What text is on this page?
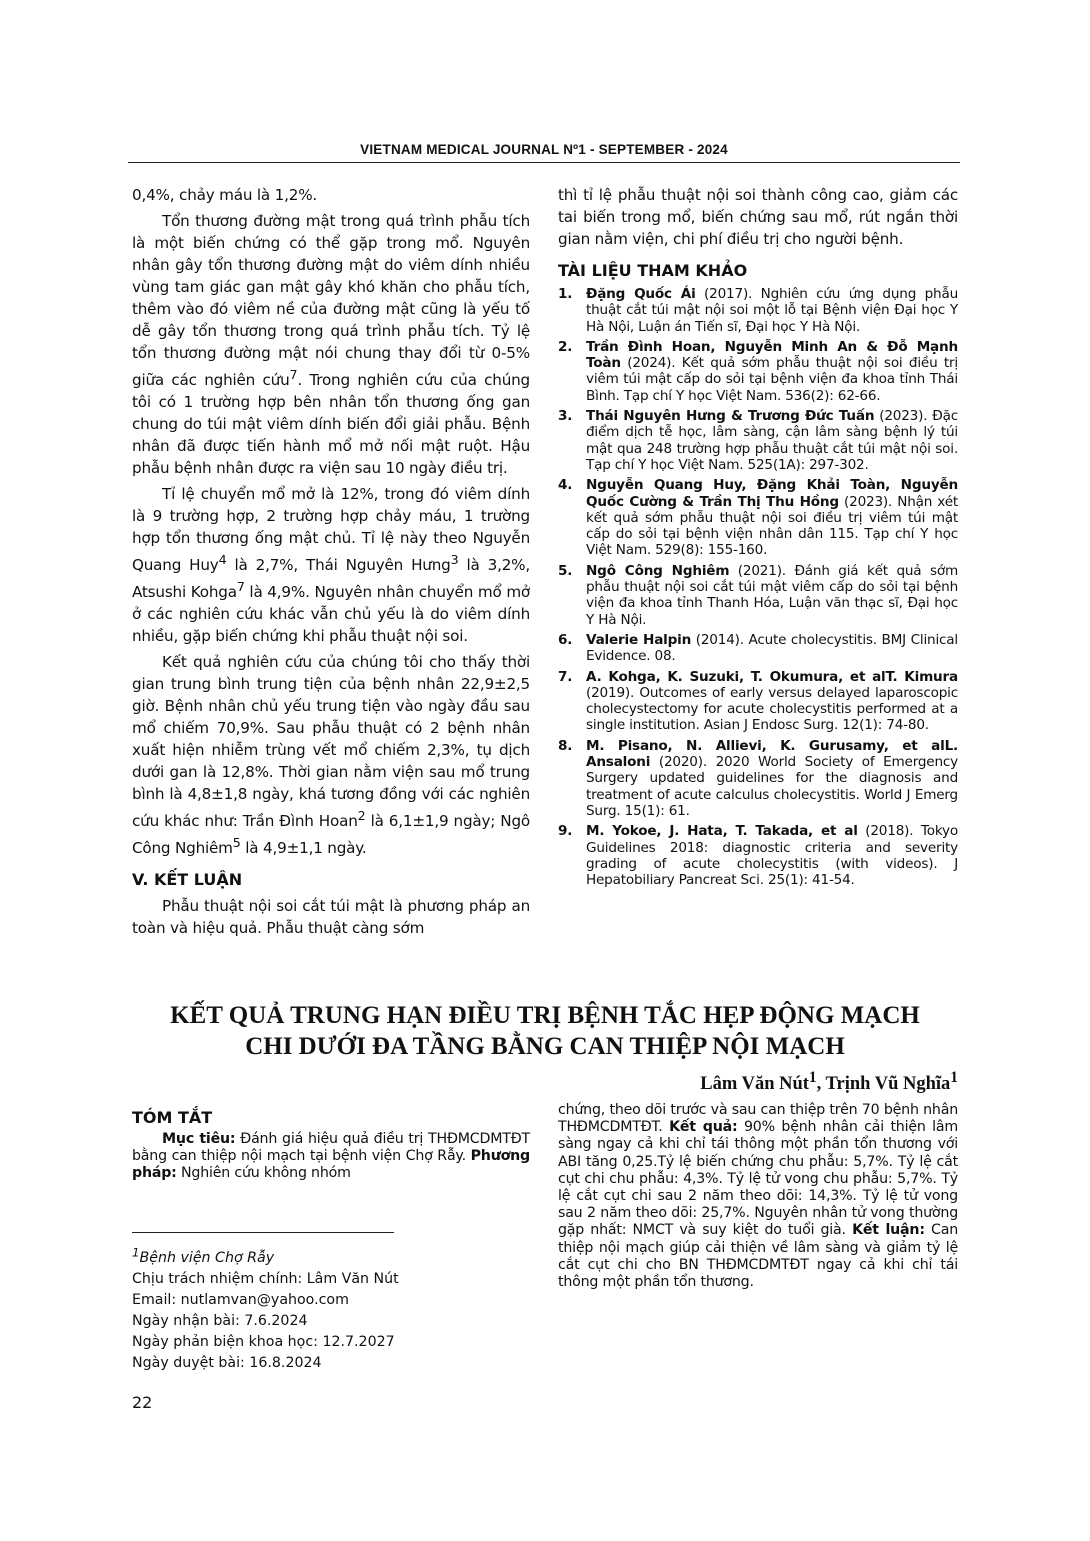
VIETNAM MEDICAL JOURNAL Nº1 - SEPTEMBER - 2024

0,4%, chảy máu là 1,2%.

Tổn thương đường mật trong quá trình phẫu tích là một biến chứng có thể gặp trong mổ. Nguyên nhân gây tổn thương đường mật do viêm dính nhiều vùng tam giác gan mật gây khó khăn cho phẫu tích, thêm vào đó viêm nề của đường mật cũng là yếu tố dễ gây tổn thương trong quá trình phẫu tích. Tỷ lệ tổn thương đường mật nói chung thay đổi từ 0-5% giữa các nghiên cứu$^7$. Trong nghiên cứu của chúng tôi có 1 trường hợp bên nhân tổn thương ống gan chung do túi mật viêm dính biến đổi giải phẫu. Bệnh nhân đã được tiến hành mổ mở nối mật ruột. Hậu phẫu bệnh nhân được ra viện sau 10 ngày điều trị.

Tỉ lệ chuyển mổ mở là 12%, trong đó viêm dính là 9 trường hợp, 2 trường hợp chảy máu, 1 trường hợp tổn thương ống mật chủ. Tỉ lệ này theo Nguyễn Quang Huy$^4$ là 2,7%, Thái Nguyên Hưng$^3$ là 3,2%, Atsushi Kohga$^7$ là 4,9%. Nguyên nhân chuyển mổ mở ở các nghiên cứu khác vẫn chủ yếu là do viêm dính nhiều, gặp biến chứng khi phẫu thuật nội soi.

Kết quả nghiên cứu của chúng tôi cho thấy thời gian trung bình trung tiện của bệnh nhân 22,9±2,5 giờ. Bệnh nhân chủ yếu trung tiện vào ngày đầu sau mổ chiếm 70,9%. Sau phẫu thuật có 2 bệnh nhân xuất hiện nhiễm trùng vết mổ chiếm 2,3%, tụ dịch dưới gan là 12,8%. Thời gian nằm viện sau mổ trung bình là 4,8±1,8 ngày, khá tương đồng với các nghiên cứu khác như: Trần Đình Hoan$^2$ là 6,1±1,9 ngày; Ngô Công Nghiêm$^5$ là 4,9±1,1 ngày.

V. KẾT LUẬN

Phẫu thuật nội soi cắt túi mật là phương pháp an toàn và hiệu quả. Phẫu thuật càng sớm

thì tỉ lệ phẫu thuật nội soi thành công cao, giảm các tai biến trong mổ, biến chứng sau mổ, rút ngắn thời gian nằm viện, chi phí điều trị cho người bệnh.

TÀI LIỆU THAM KHẢO
1. Đặng Quốc Ái (2017). Nghiên cứu ứng dụng phẫu thuật cắt túi mật nội soi một lỗ tại Bệnh viện Đại học Y Hà Nội, Luận án Tiến sĩ, Đại học Y Hà Nội.
2. Trần Đình Hoan, Nguyễn Minh An & Đỗ Mạnh Toàn (2024). Kết quả sớm phẫu thuật nội soi điều trị viêm túi mật cấp do sỏi tại bệnh viện đa khoa tỉnh Thái Bình. Tạp chí Y học Việt Nam. 536(2): 62-66.
3. Thái Nguyên Hưng & Trương Đức Tuấn (2023). Đặc điểm dịch tễ học, lâm sàng, cận lâm sàng bệnh lý túi mật qua 248 trường hợp phẫu thuật cắt túi mật nội soi. Tạp chí Y học Việt Nam. 525(1A): 297-302.
4. Nguyễn Quang Huy, Đặng Khải Toàn, Nguyễn Quốc Cường & Trần Thị Thu Hồng (2023). Nhận xét kết quả sớm phẫu thuật nội soi điều trị viêm túi mật cấp do sỏi tại bệnh viện nhân dân 115. Tạp chí Y học Việt Nam. 529(8): 155-160.
5. Ngô Công Nghiêm (2021). Đánh giá kết quả sớm phẫu thuật nội soi cắt túi mật viêm cấp do sỏi tại bệnh viện đa khoa tỉnh Thanh Hóa, Luận văn thạc sĩ, Đại học Y Hà Nội.
6. Valerie Halpin (2014). Acute cholecystitis. BMJ Clinical Evidence. 08.
7. A. Kohga, K. Suzuki, T. Okumura, et alT. Kimura (2019). Outcomes of early versus delayed laparoscopic cholecystectomy for acute cholecystitis performed at a single institution. Asian J Endosc Surg. 12(1): 74-80.
8. M. Pisano, N. Allievi, K. Gurusamy, et alL. Ansaloni (2020). 2020 World Society of Emergency Surgery updated guidelines for the diagnosis and treatment of acute calculus cholecystitis. World J Emerg Surg. 15(1): 61.
9. M. Yokoe, J. Hata, T. Takada, et al (2018). Tokyo Guidelines 2018: diagnostic criteria and severity grading of acute cholecystitis (with videos). J Hepatobiliary Pancreat Sci. 25(1): 41-54.
KẾT QUẢ TRUNG HẠN ĐIỀU TRỊ BỆNH TẮC HẸP ĐỘNG MẠCH
CHI DƯỚI ĐA TẦNG BẰNG CAN THIỆP NỘI MẠCH
Lâm Văn Nút$^1$, Trịnh Vũ Nghĩa$^1$
TÓM TẮT

Mục tiêu: Đánh giá hiệu quả điều trị THĐMCDMTĐT bằng can thiệp nội mạch tại bệnh viện Chợ Rẫy. Phương pháp: Nghiên cứu không nhóm

chứng, theo dõi trước và sau can thiệp trên 70 bệnh nhân THĐMCDMTĐT. Kết quả: 90% bệnh nhân cải thiện lâm sàng ngay cả khi chỉ tái thông một phần tổn thương với ABI tăng 0,25.Tỷ lệ biến chứng chu phẫu: 5,7%. Tỷ lệ cắt cụt chi chu phẫu: 4,3%. Tỷ lệ tử vong chu phẫu: 5,7%. Tỷ lệ cắt cụt chi sau 2 năm theo dõi: 14,3%. Tỷ lệ tử vong sau 2 năm theo dõi: 25,7%. Nguyên nhân tử vong thường gặp nhất: NMCT và suy kiệt do tuổi già. Kết luận: Can thiệp nội mạch giúp cải thiện về lâm sàng và giảm tỷ lệ cắt cụt chi cho BN THĐMCDMTĐT ngay cả khi chỉ tái thông một phần tổn thương.

$^1$Bệnh viện Chợ Rẫy
Chịu trách nhiệm chính: Lâm Văn Nút
Email: nutlamvan@yahoo.com
Ngày nhận bài: 7.6.2024
Ngày phản biện khoa học: 12.7.2027
Ngày duyệt bài: 16.8.2024
22
